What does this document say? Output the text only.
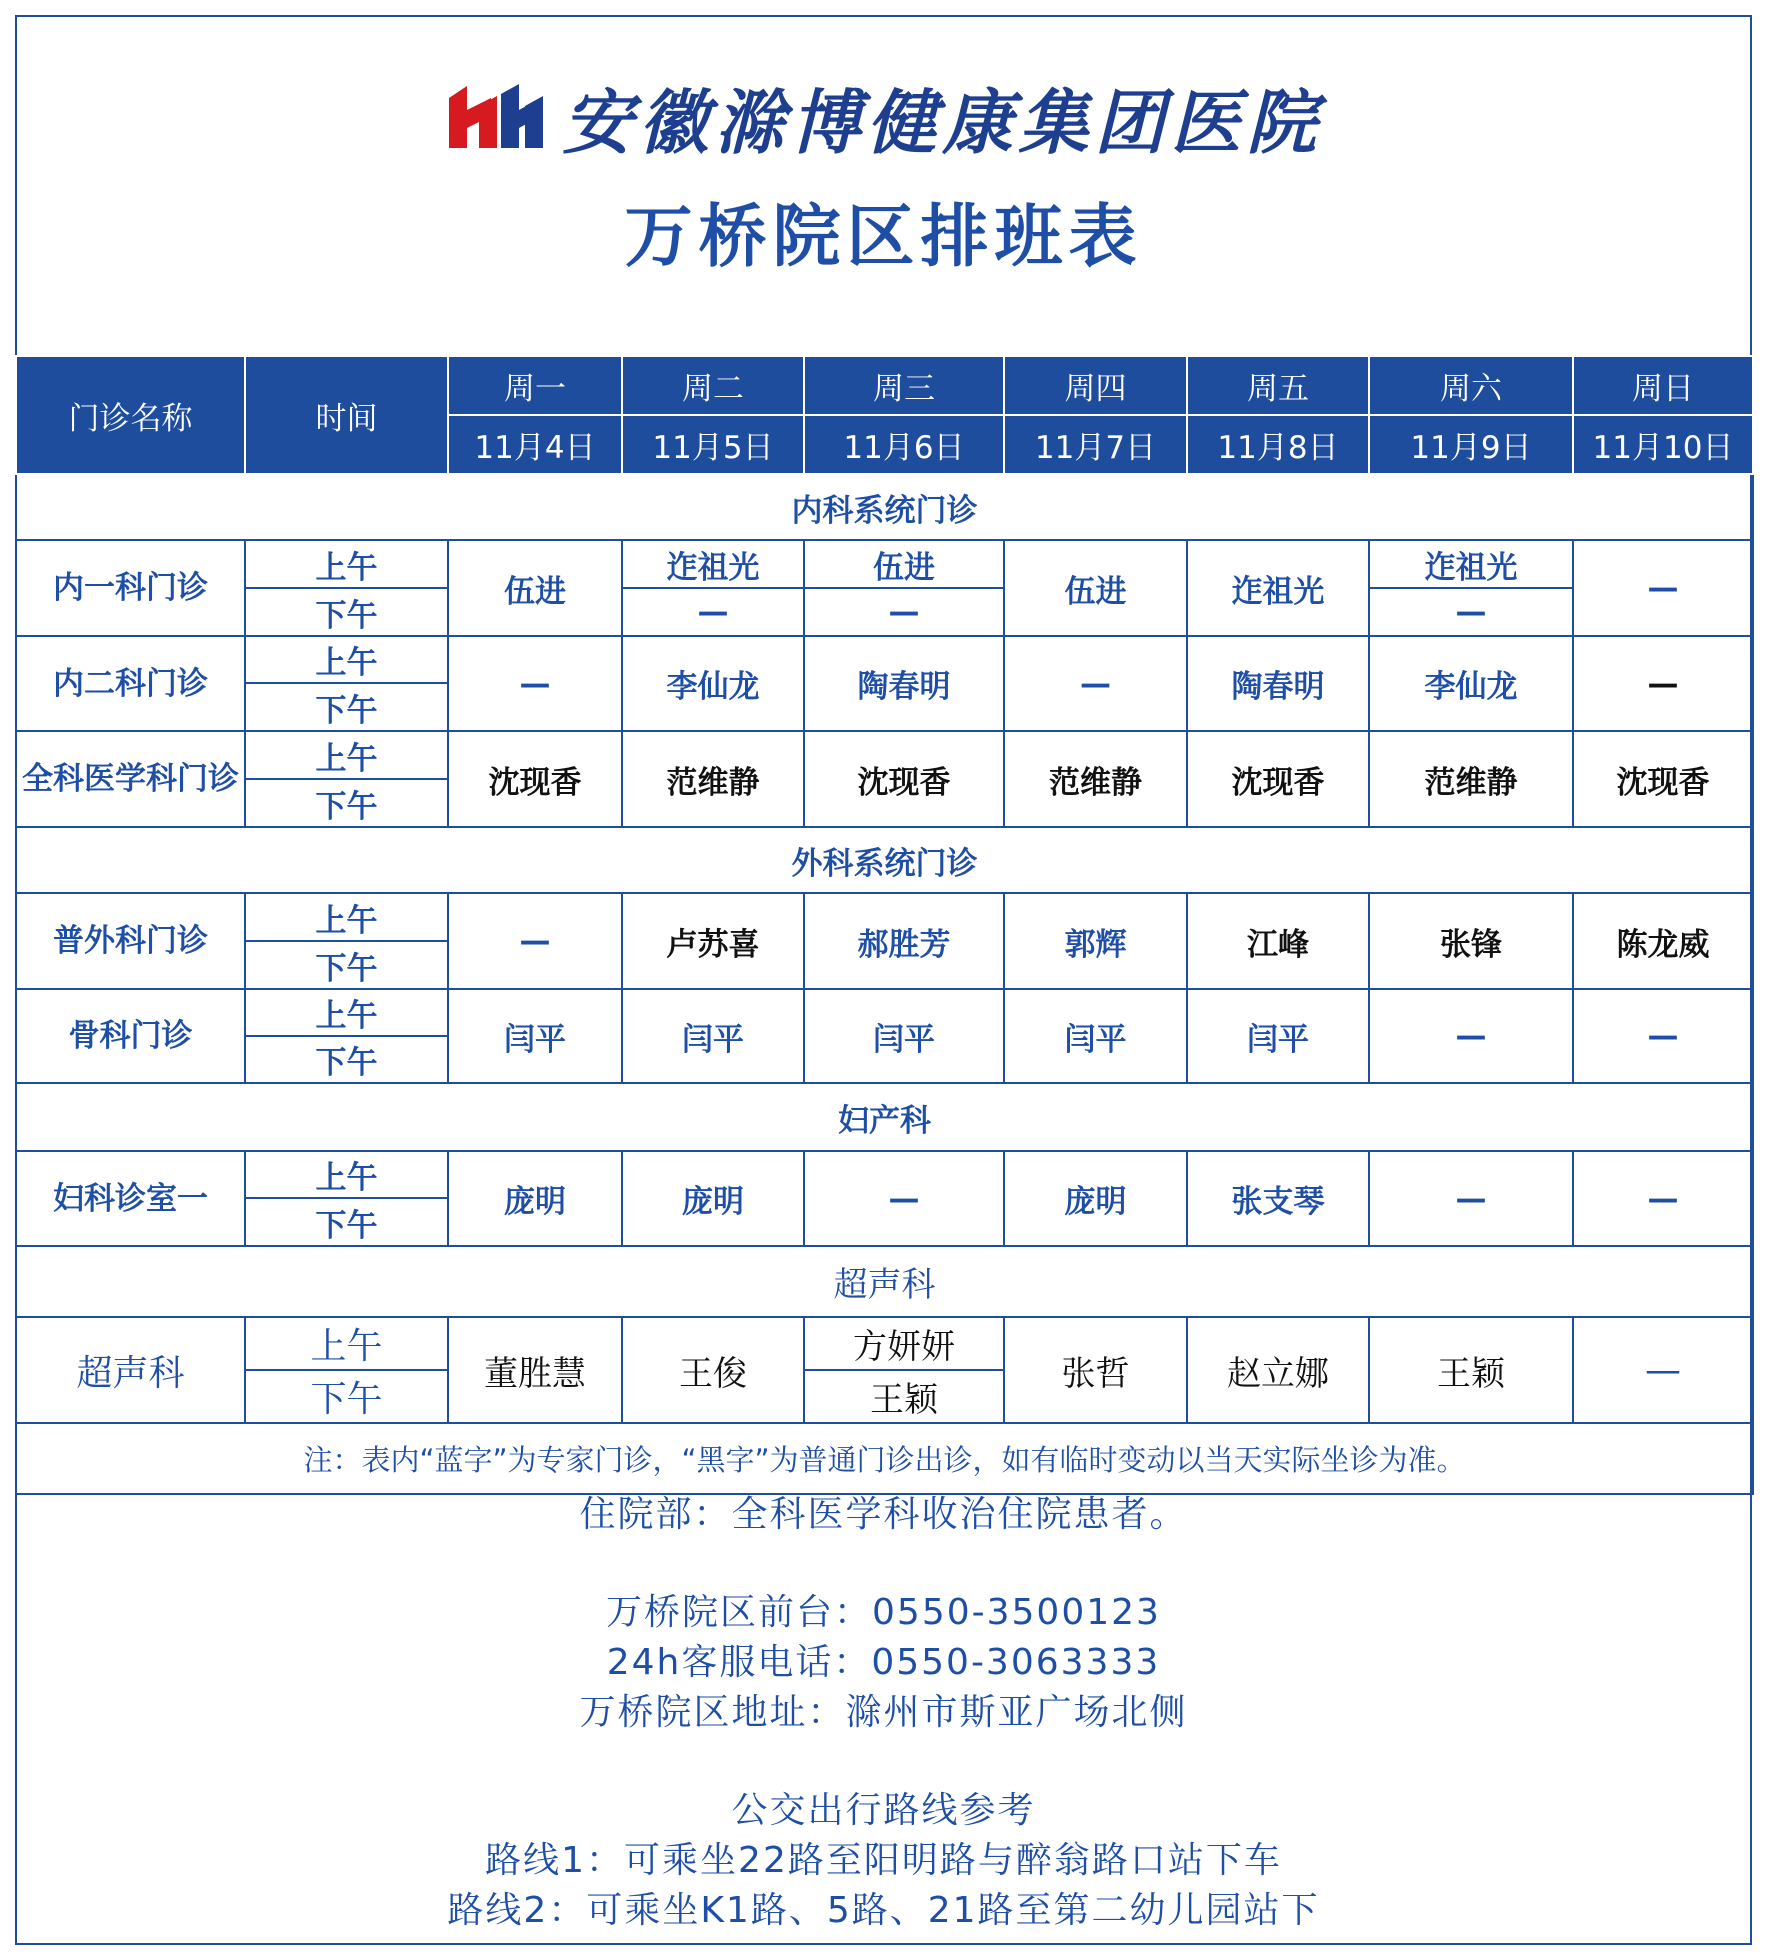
安徽滁博健康集团医院
万桥院区排班表
门诊名称	时间	周一	周二	周三	周四	周五	周六	周日
		11月4日	11月5日	11月6日	11月7日	11月8日	11月9日	11月10日
内科系统门诊								
内一科门诊	上午	伍进	迮祖光	伍进	伍进	迮祖光	迮祖光	—
	下午		—	—			—	
内二科门诊	上午	—	李仙龙	陶春明	—	陶春明	李仙龙	—
	下午							
全科医学科门诊	上午	沈现香	范维静	沈现香	范维静	沈现香	范维静	沈现香
	下午							
外科系统门诊								
普外科门诊	上午	—	卢苏喜	郝胜芳	郭辉	江峰	张锋	陈龙威
	下午							
骨科门诊	上午	闫平	闫平	闫平	闫平	闫平	—	—
	下午							
妇产科								
妇科诊室一	上午	庞明	庞明	—	庞明	张支琴	—	—
	下午							
超声科								
超声科	上午	董胜慧	王俊	方妍妍	张哲	赵立娜	王颖	—
	下午			王颖				
注：表内“蓝字”为专家门诊，“黑字”为普通门诊出诊，如有临时变动以当天实际坐诊为准。								
住院部：全科医学科收治住院患者。
万桥院区前台：0550-3500123
24h客服电话：0550-3063333
万桥院区地址：滁州市斯亚广场北侧
公交出行路线参考
路线1：可乘坐22路至阳明路与醉翁路口站下车
路线2：可乘坐K1路、5路、21路至第二幼儿园站下
